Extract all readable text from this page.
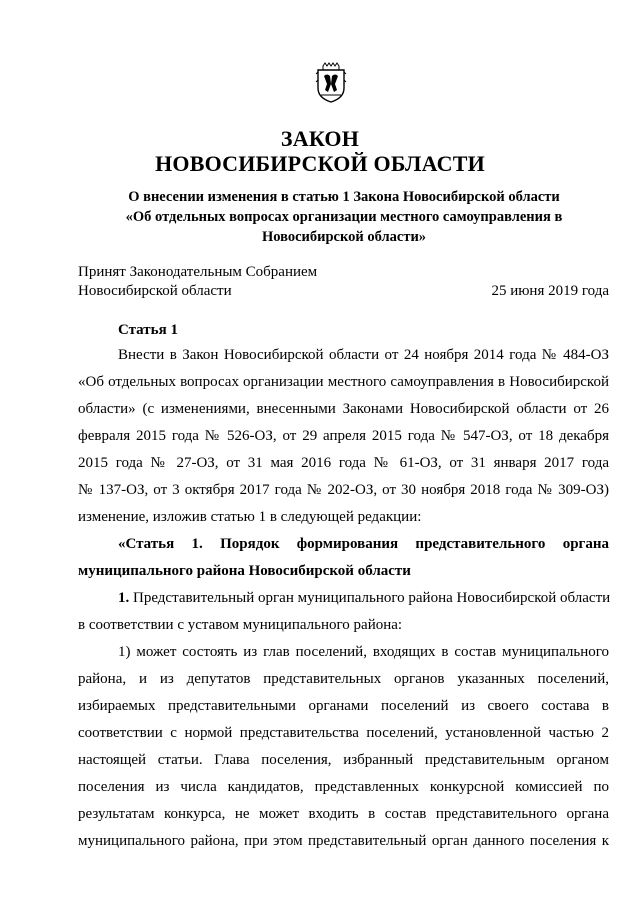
ЗАКОН
НОВОСИБИРСКОЙ ОБЛАСТИ
О внесении изменения в статью 1 Закона Новосибирской области
«Об отдельных вопросах организации местного самоуправления в
Новосибирской области»
Принят Законодательным Собранием
Новосибирской области	25 июня 2019 года
Статья 1
Внести в Закон Новосибирской области от 24 ноября 2014 года № 484-ОЗ
«Об отдельных вопросах организации местного самоуправления в Новосибирской
области» (с изменениями, внесенными Законами Новосибирской области от 26
февраля 2015 года № 526-ОЗ, от 29 апреля 2015 года № 547-ОЗ, от 18 декабря
2015 года № 27-ОЗ, от 31 мая 2016 года № 61-ОЗ, от 31 января 2017 года
№ 137-ОЗ, от 3 октября 2017 года № 202-ОЗ, от 30 ноября 2018 года № 309-ОЗ)
изменение, изложив статью 1 в следующей редакции:
«Статья 1. Порядок формирования представительного органа
муниципального района Новосибирской области
1. Представительный орган муниципального района Новосибирской области
в соответствии с уставом муниципального района:
1) может состоять из глав поселений, входящих в состав муниципального
района, и из депутатов представительных органов указанных поселений,
избираемых представительными органами поселений из своего состава в
соответствии с нормой представительства поселений, установленной частью 2
настоящей статьи. Глава поселения, избранный представительным органом
поселения из числа кандидатов, представленных конкурсной комиссией по
результатам конкурса, не может входить в состав представительного органа
муниципального района, при этом представительный орган данного поселения к
